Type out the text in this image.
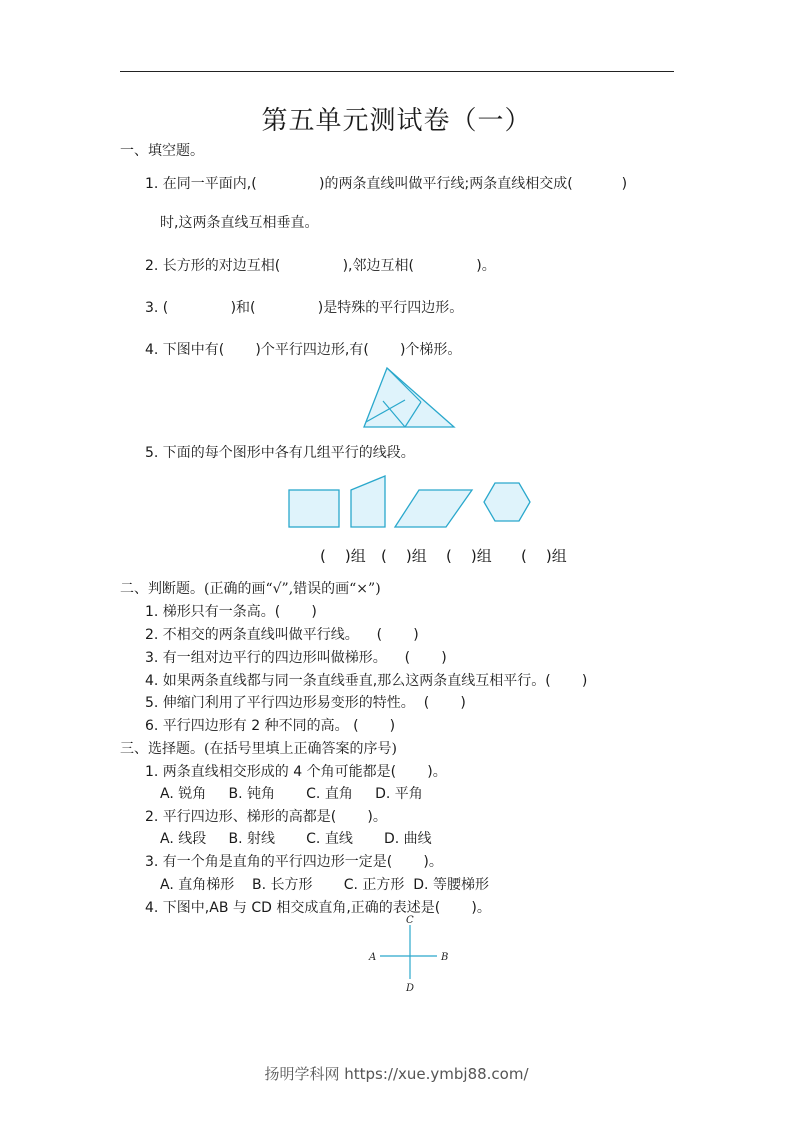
第五单元测试卷（一）
一、填空题。
1. 在同一平面内,(              )的两条直线叫做平行线;两条直线相交成(           )
时,这两条直线互相垂直。
2. 长方形的对边互相(              ),邻边互相(              )。
3. (              )和(              )是特殊的平行四边形。
4. 下图中有(       )个平行四边形,有(       )个梯形。
5. 下面的每个图形中各有几组平行的线段。
(    )组 (    )组 (    )组 (    )组
二、判断题。(正确的画“√”,错误的画“×”)
1. 梯形只有一条高。(       )
2. 不相交的两条直线叫做平行线。    (       )
3. 有一组对边平行的四边形叫做梯形。    (       )
4. 如果两条直线都与同一条直线垂直,那么这两条直线互相平行。(       )
5. 伸缩门利用了平行四边形易变形的特性。  (       )
6. 平行四边形有 2 种不同的高。 (       )
三、选择题。(在括号里填上正确答案的序号)
1. 两条直线相交形成的 4 个角可能都是(       )。
A. 锐角     B. 钝角       C. 直角     D. 平角
2. 平行四边形、梯形的高都是(       )。
A. 线段     B. 射线       C. 直线       D. 曲线
3. 有一个角是直角的平行四边形一定是(       )。
A. 直角梯形    B. 长方形       C. 正方形  D. 等腰梯形
4. 下图中,AB 与 CD 相交成直角,正确的表述是(       )。
C
A	B
D
扬明学科网 https://xue.ymbj88.com/
